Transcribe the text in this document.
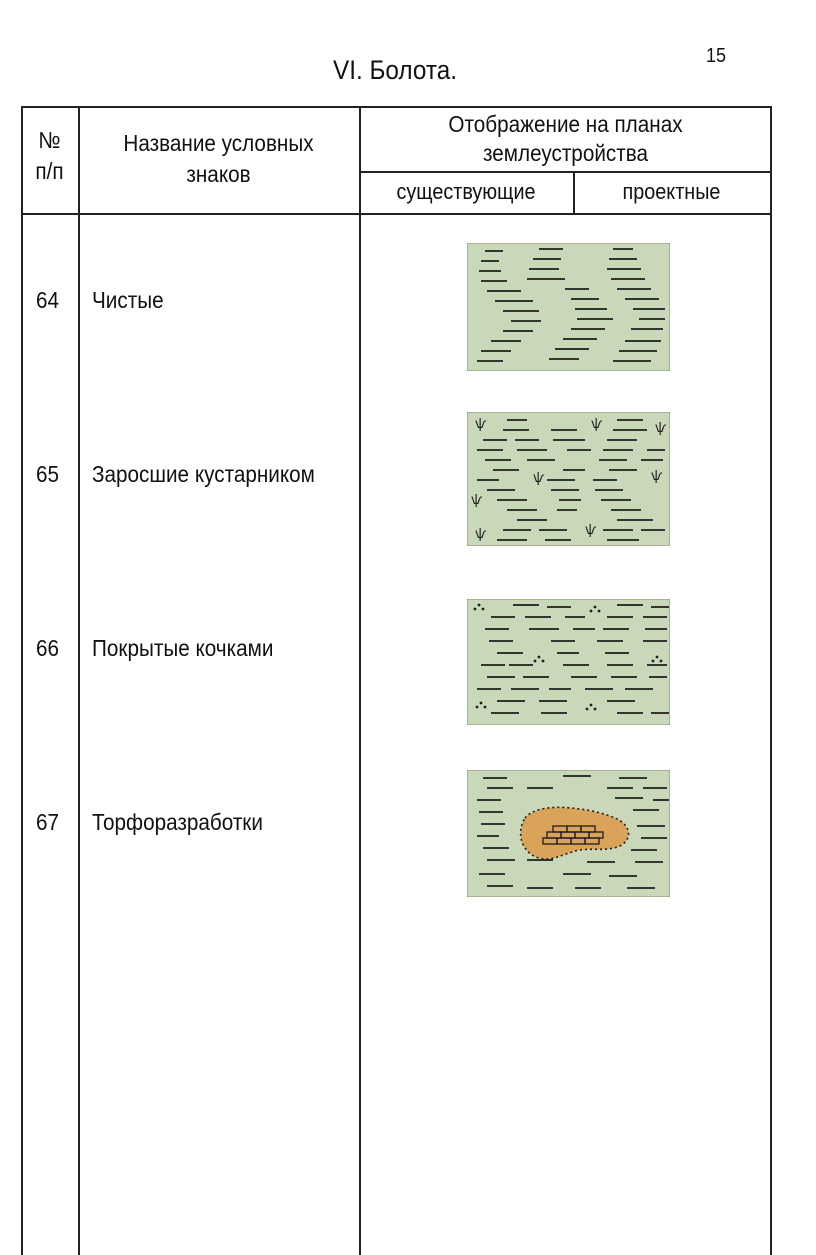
VI. Болота.	15
№
п/п
Название условных
знаков
Отображение на планах
землеустройства
существующие	проектные
64 Чистые
65 Заросшие кустарником
ѱ	ѱ	ѱ
ѱ	ѱ
ѱ
ѱ	ѱ
66 Покрытые кочками
67 Торфоразработки
